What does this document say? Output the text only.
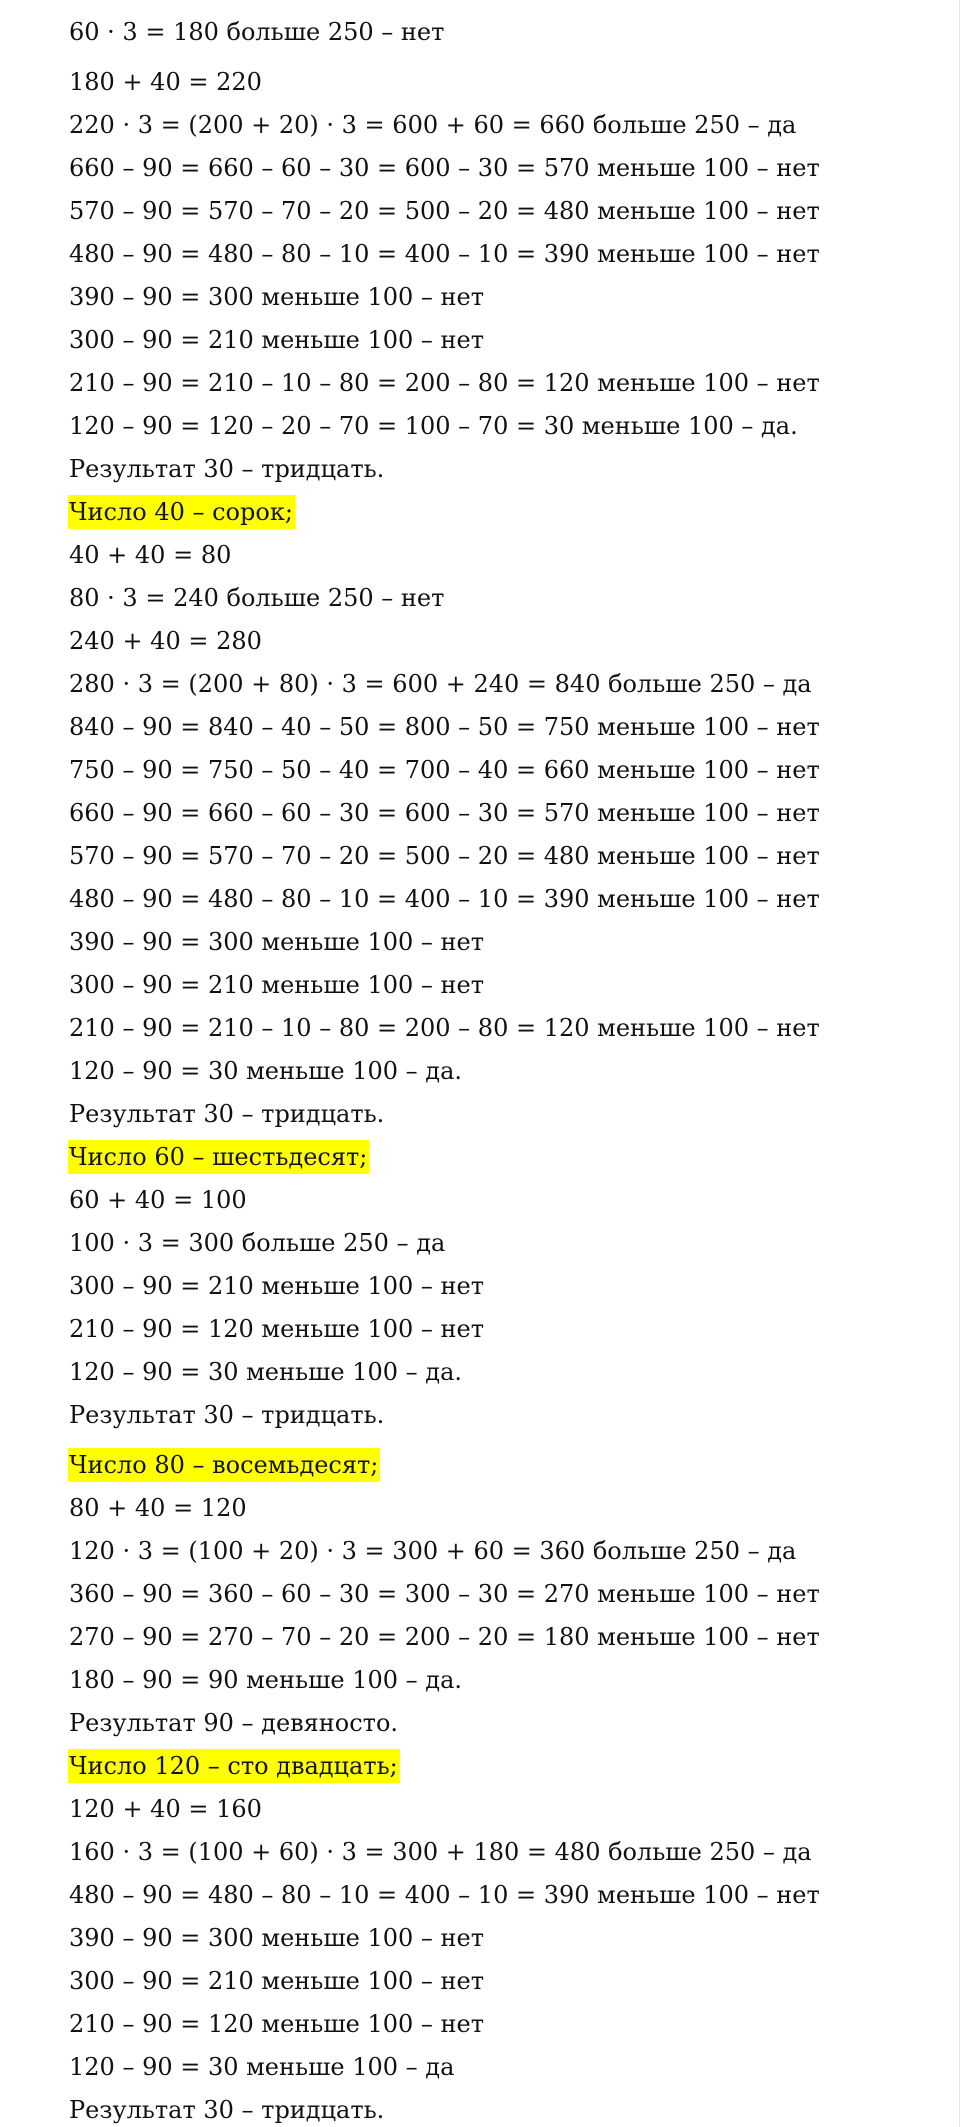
60 · 3 = 180 больше 250 – нет
180 + 40 = 220
220 · 3 = (200 + 20) · 3 = 600 + 60 = 660 больше 250 – да
660 – 90 = 660 – 60 – 30 = 600 – 30 = 570 меньше 100 – нет
570 – 90 = 570 – 70 – 20 = 500 – 20 = 480 меньше 100 – нет
480 – 90 = 480 – 80 – 10 = 400 – 10 = 390 меньше 100 – нет
390 – 90 = 300 меньше 100 – нет
300 – 90 = 210 меньше 100 – нет
210 – 90 = 210 – 10 – 80 = 200 – 80 = 120 меньше 100 – нет
120 – 90 = 120 – 20 – 70 = 100 – 70 = 30 меньше 100 – да.
Результат 30 – тридцать.
Число 40 – сорок;
40 + 40 = 80
80 · 3 = 240 больше 250 – нет
240 + 40 = 280
280 · 3 = (200 + 80) · 3 = 600 + 240 = 840 больше 250 – да
840 – 90 = 840 – 40 – 50 = 800 – 50 = 750 меньше 100 – нет
750 – 90 = 750 – 50 – 40 = 700 – 40 = 660 меньше 100 – нет
660 – 90 = 660 – 60 – 30 = 600 – 30 = 570 меньше 100 – нет
570 – 90 = 570 – 70 – 20 = 500 – 20 = 480 меньше 100 – нет
480 – 90 = 480 – 80 – 10 = 400 – 10 = 390 меньше 100 – нет
390 – 90 = 300 меньше 100 – нет
300 – 90 = 210 меньше 100 – нет
210 – 90 = 210 – 10 – 80 = 200 – 80 = 120 меньше 100 – нет
120 – 90 = 30 меньше 100 – да.
Результат 30 – тридцать.
Число 60 – шестьдесят;
60 + 40 = 100
100 · 3 = 300 больше 250 – да
300 – 90 = 210 меньше 100 – нет
210 – 90 = 120 меньше 100 – нет
120 – 90 = 30 меньше 100 – да.
Результат 30 – тридцать.
Число 80 – восемьдесят;
80 + 40 = 120
120 · 3 = (100 + 20) · 3 = 300 + 60 = 360 больше 250 – да
360 – 90 = 360 – 60 – 30 = 300 – 30 = 270 меньше 100 – нет
270 – 90 = 270 – 70 – 20 = 200 – 20 = 180 меньше 100 – нет
180 – 90 = 90 меньше 100 – да.
Результат 90 – девяносто.
Число 120 – сто двадцать;
120 + 40 = 160
160 · 3 = (100 + 60) · 3 = 300 + 180 = 480 больше 250 – да
480 – 90 = 480 – 80 – 10 = 400 – 10 = 390 меньше 100 – нет
390 – 90 = 300 меньше 100 – нет
300 – 90 = 210 меньше 100 – нет
210 – 90 = 120 меньше 100 – нет
120 – 90 = 30 меньше 100 – да
Результат 30 – тридцать.
